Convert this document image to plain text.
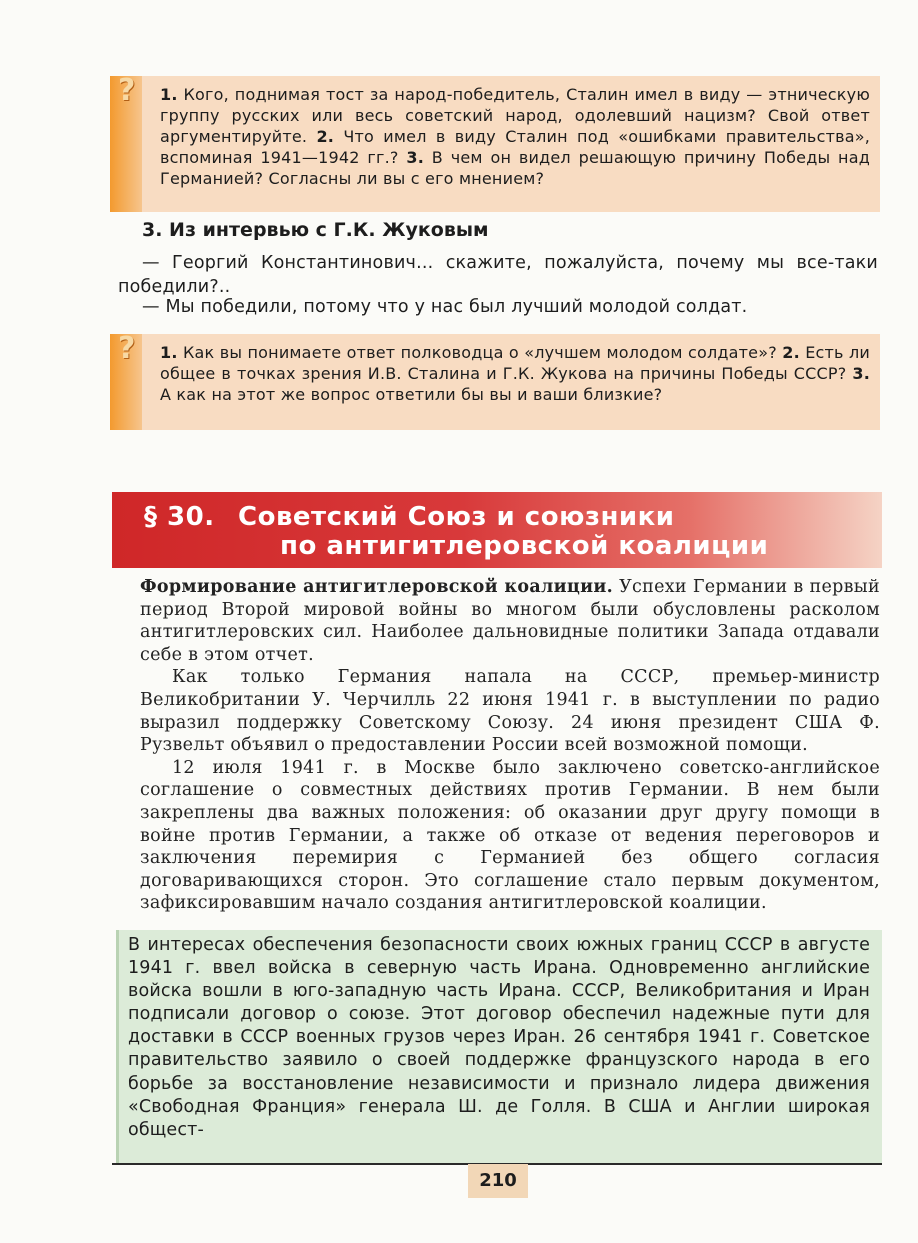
? 1. Кого, поднимая тост за народ-победитель, Сталин имел в виду — этническую группу русских или весь советский народ, одолевший нацизм? Свой ответ аргументируйте. 2. Что имел в виду Сталин под «ошибками правительства», вспоминая 1941—1942 гг.? 3. В чем он видел решающую причину Победы над Германией? Согласны ли вы с его мнением?
3. Из интервью с Г.К. Жуковым
— Георгий Константинович... скажите, пожалуйста, почему мы все-таки победили?..
— Мы победили, потому что у нас был лучший молодой солдат.
? 1. Как вы понимаете ответ полководца о «лучшем молодом солдате»? 2. Есть ли общее в точках зрения И.В. Сталина и Г.К. Жукова на причины Победы СССР? 3. А как на этот же вопрос ответили бы вы и ваши близкие?
§ 30. Советский Союз и союзники
по антигитлеровской коалиции

Формирование антигитлеровской коалиции. Успехи Германии в первый период Второй мировой войны во многом были обусловлены расколом антигитлеровских сил. Наиболее дальновидные политики Запада отдавали себе в этом отчет.

Как только Германия напала на СССР, премьер-министр Великобритании У. Черчилль 22 июня 1941 г. в выступлении по радио выразил поддержку Советскому Союзу. 24 июня президент США Ф. Рузвельт объявил о предоставлении России всей возможной помощи.

12 июля 1941 г. в Москве было заключено советско-английское соглашение о совместных действиях против Германии. В нем были закреплены два важных положения: об оказании друг другу помощи в войне против Германии, а также об отказе от ведения переговоров и заключения перемирия с Германией без общего согласия договаривающихся сторон. Это соглашение стало первым документом, зафиксировавшим начало создания антигитлеровской коалиции.

В интересах обеспечения безопасности своих южных границ СССР в августе 1941 г. ввел войска в северную часть Ирана. Одновременно английские войска вошли в юго-западную часть Ирана. СССР, Великобритания и Иран подписали договор о союзе. Этот договор обеспечил надежные пути для доставки в СССР военных грузов через Иран. 26 сентября 1941 г. Советское правительство заявило о своей поддержке французского народа в его борьбе за восстановление независимости и признало лидера движения «Свободная Франция» генерала Ш. де Голля. В США и Англии широкая общест-
210
